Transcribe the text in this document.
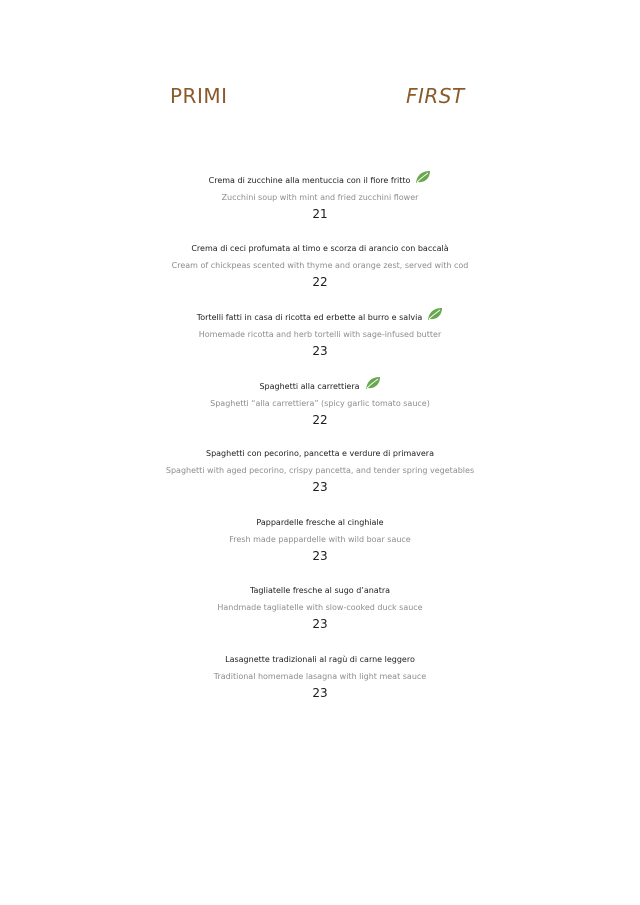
PRIMI	FIRST
Crema di zucchine alla mentuccia con il fiore fritto
Zucchini soup with mint and fried zucchini flower
21
Crema di ceci profumata al timo e scorza di arancio con baccalà
Cream of chickpeas scented with thyme and orange zest, served with cod
22
Tortelli fatti in casa di ricotta ed erbette al burro e salvia
Homemade ricotta and herb tortelli with sage-infused butter
23
Spaghetti alla carrettiera
Spaghetti “alla carrettiera” (spicy garlic tomato sauce)
22
Spaghetti con pecorino, pancetta e verdure di primavera
Spaghetti with aged pecorino, crispy pancetta, and tender spring vegetables
23
Pappardelle fresche al cinghiale
Fresh made pappardelle with wild boar sauce
23
Tagliatelle fresche al sugo d’anatra
Handmade tagliatelle with slow-cooked duck sauce
23
Lasagnette tradizionali al ragù di carne leggero
Traditional homemade lasagna with light meat sauce
23
